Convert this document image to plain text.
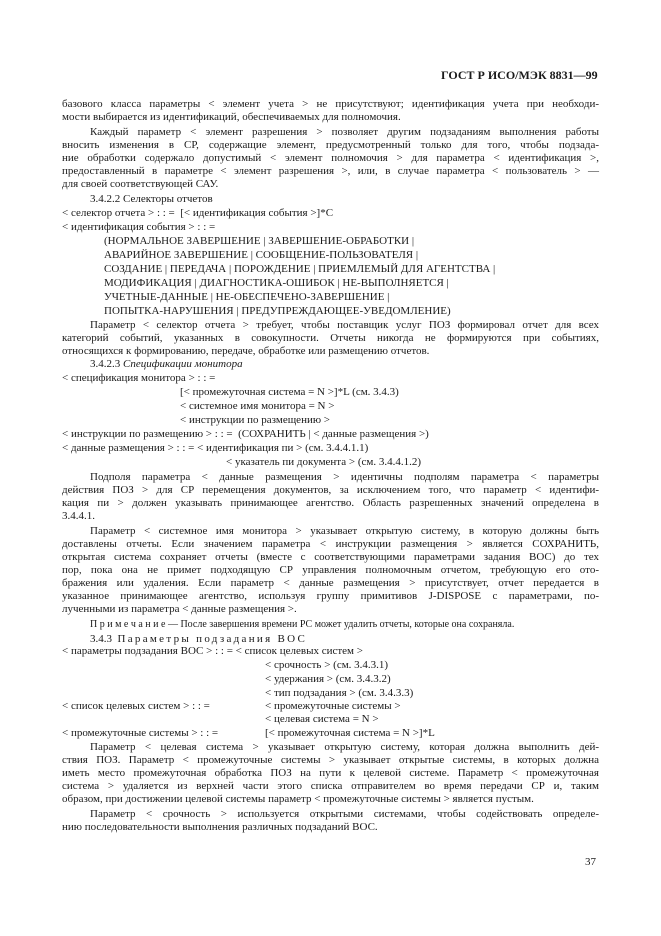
ГОСТ Р ИСО/МЭК 8831—99
базового класса параметры < элемент учета > не присутствуют; идентификация учета при необходи-
мости выбирается из идентификаций, обеспечиваемых для полномочия.
Каждый параметр < элемент разрешения > позволяет другим подзаданиям выполнения работы
вносить изменения в СР, содержащие элемент, предусмотренный только для того, чтобы подзада-
ние обработки содержало допустимый < элемент полномочия > для параметра < идентификация >,
предоставленный в параметре < элемент разрешения >, или, в случае параметра < пользователь > —
для своей соответствующей САУ.
3.4.2.2 Селекторы отчетов
< селектор отчета > : : =  [< идентификация события >]*C
< идентификация события > : : =
(НОРМАЛЬНОЕ ЗАВЕРШЕНИЕ | ЗАВЕРШЕНИЕ-ОБРАБОТКИ |
АВАРИЙНОЕ ЗАВЕРШЕНИЕ | СООБЩЕНИЕ-ПОЛЬЗОВАТЕЛЯ |
СОЗДАНИЕ | ПЕРЕДАЧА | ПОРОЖДЕНИЕ | ПРИЕМЛЕМЫЙ ДЛЯ АГЕНТСТВА |
МОДИФИКАЦИЯ | ДИАГНОСТИКА-ОШИБОК | НЕ-ВЫПОЛНЯЕТСЯ |
УЧЕТНЫЕ-ДАННЫЕ | НЕ-ОБЕСПЕЧЕНО-ЗАВЕРШЕНИЕ |
ПОПЫТКА-НАРУШЕНИЯ | ПРЕДУПРЕЖДАЮЩЕЕ-УВЕДОМЛЕНИЕ)
Параметр < селектор отчета > требует, чтобы поставщик услуг ПОЗ формировал отчет для всех
категорий событий, указанных в совокупности. Отчеты никогда не формируются при событиях,
относящихся к формированию, передаче, обработке или размещению отчетов.
3.4.2.3 Спецификации монитора
< спецификация монитора > : : =
[< промежуточная система = N >]*L (см. 3.4.3)
< системное имя монитора = N >
< инструкции по размещению >
< инструкции по размещению > : : =  (СОХРАНИТЬ | < данные размещения >)
< данные размещения > : : = < идентификация пи > (см. 3.4.4.1.1)
< указатель пи документа > (см. 3.4.4.1.2)
Подполя параметра < данные размещения > идентичны подполям параметра < параметры
действия ПОЗ > для СР перемещения документов, за исключением того, что параметр < идентифи-
кация пи > должен указывать принимающее агентство. Область разрешенных значений определена в
3.4.4.1.
Параметр < системное имя монитора > указывает открытую систему, в которую должны быть
доставлены отчеты. Если значением параметра < инструкции размещения > является СОХРАНИТЬ,
открытая система сохраняет отчеты (вместе с соответствующими параметрами задания ВОС) до тех
пор, пока она не примет подходящую СР управления полномочным отчетом, требующую его ото-
бражения или удаления. Если параметр < данные размещения > присутствует, отчет передается в
указанное принимающее агентство, используя группу примитивов J-DISPOSE с параметрами, по-
лученными из параметра < данные размещения >.
П р и м е ч а н и е — После завершения времени РС может удалить отчеты, которые она сохраняла.
3.4.3 Параметры подзадания ВОС
< параметры подзадания ВОС > : : = < список целевых систем >
< срочность > (см. 3.4.3.1)
< удержания > (см. 3.4.3.2)
< тип подзадания > (см. 3.4.3.3)
< список целевых систем > : : =	< промежуточные системы >
< целевая система = N >
< промежуточные системы > : : =	[< промежуточная система = N >]*L
Параметр < целевая система > указывает открытую систему, которая должна выполнить дей-
ствия ПОЗ. Параметр < промежуточные системы > указывает открытые системы, в которых должна
иметь место промежуточная обработка ПОЗ на пути к целевой системе. Параметр < промежуточная
система > удаляется из верхней части этого списка отправителем во время передачи СР и, таким
образом, при достижении целевой системы параметр < промежуточные системы > является пустым.
Параметр < срочность > используется открытыми системами, чтобы содействовать определе-
нию последовательности выполнения различных подзаданий ВОС.
37
